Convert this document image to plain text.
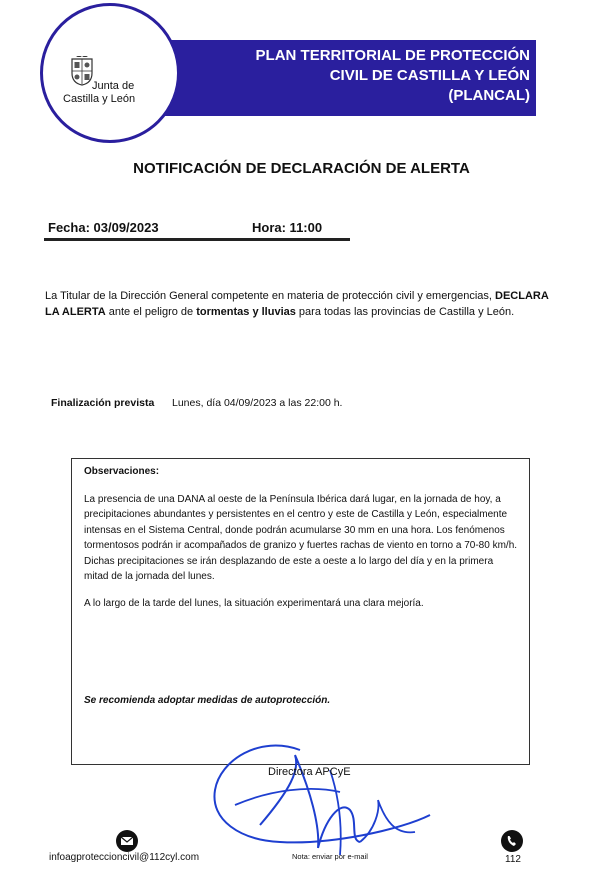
PLAN TERRITORIAL DE PROTECCIÓN
CIVIL DE CASTILLA Y LEÓN
(PLANCAL)
Junta de
Castilla y León
NOTIFICACIÓN DE DECLARACIÓN DE ALERTA
Fecha: 03/09/2023	Hora: 11:00
La Titular de la Dirección General competente en materia de protección civil y emergencias, DECLARA LA ALERTA ante el peligro de tormentas y lluvias para todas las provincias de Castilla y León.
Finalización prevista Lunes, día 04/09/2023 a las 22:00 h.
Observaciones:
La presencia de una DANA al oeste de la Península Ibérica dará lugar, en la jornada de hoy, a precipitaciones abundantes y persistentes en el centro y este de Castilla y León, especialmente intensas en el Sistema Central, donde podrán acumularse 30 mm en una hora. Los fenómenos tormentosos podrán ir acompañados de granizo y fuertes rachas de viento en torno a 70-80 km/h. Dichas precipitaciones se irán desplazando de este a oeste a lo largo del día y en la primera mitad de la jornada del lunes.
A lo largo de la tarde del lunes, la situación experimentará una clara mejoría.
Se recomienda adoptar medidas de autoprotección.
Directora APCyE
infoagproteccioncivil@112cyl.com	Nota: enviar por e-mail	112
